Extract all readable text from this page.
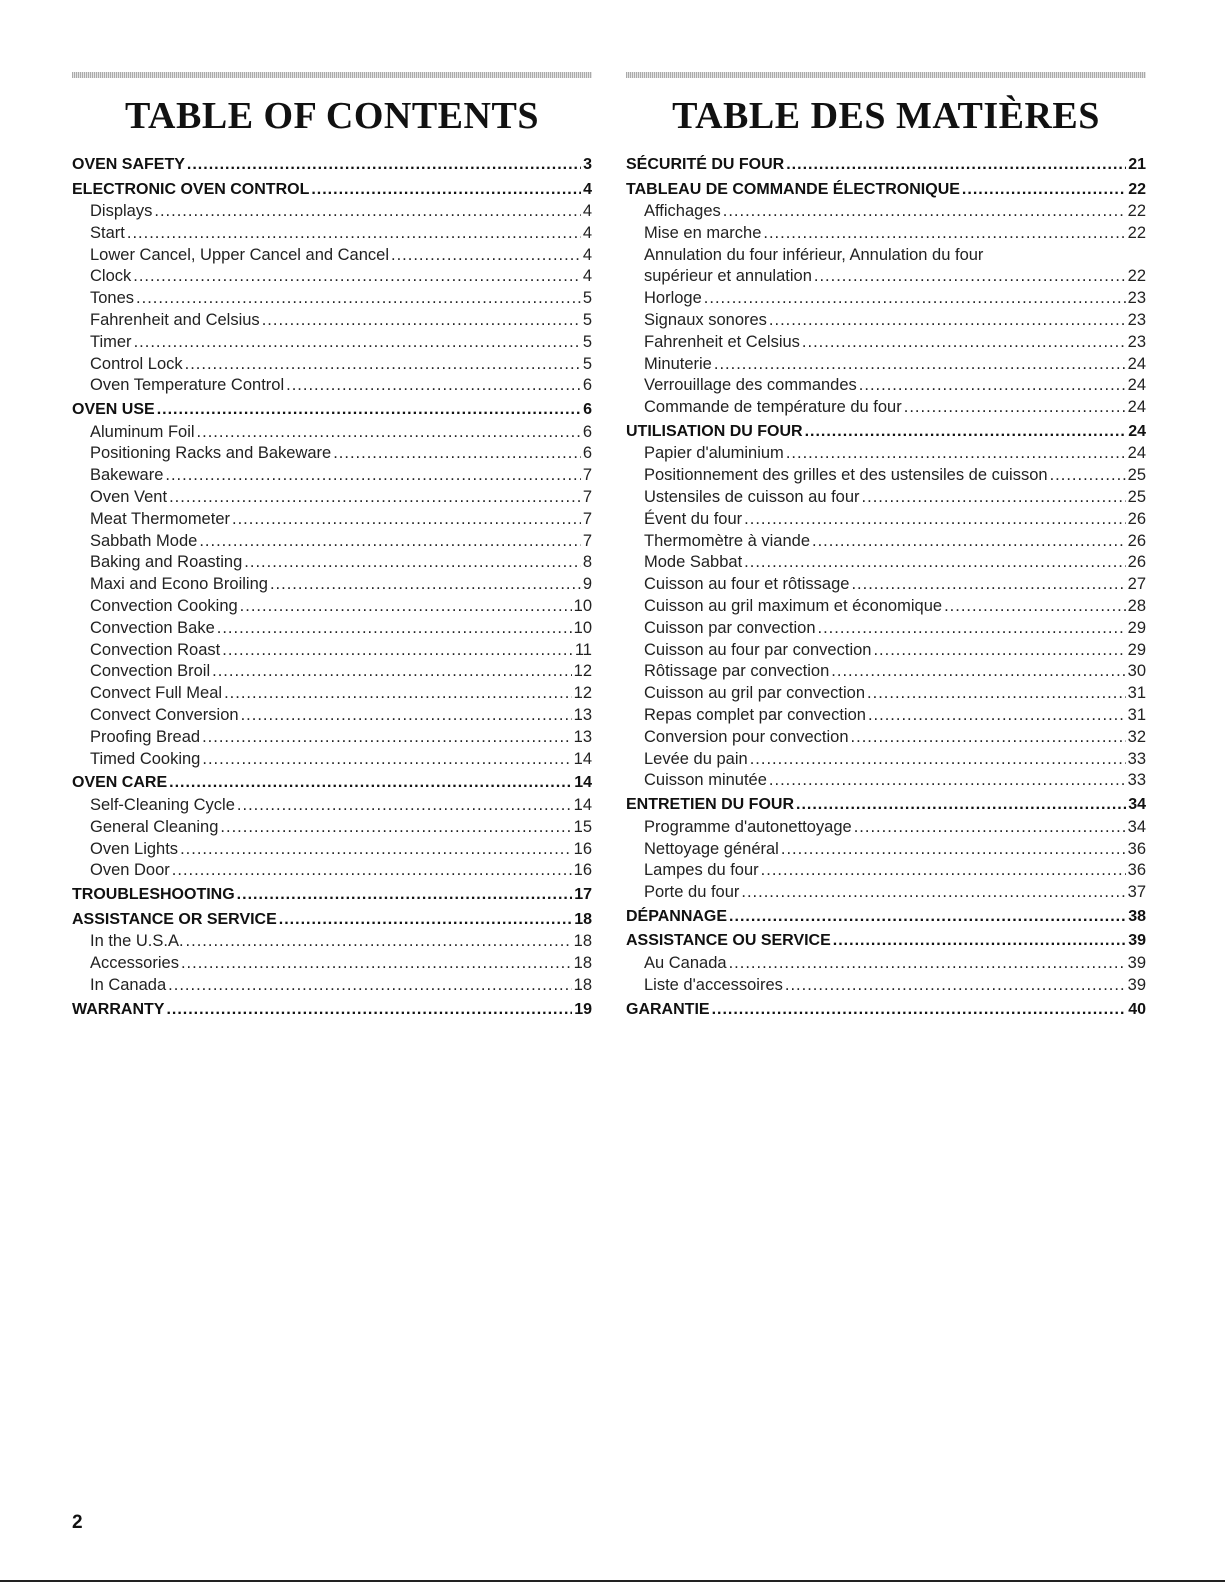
TABLE OF CONTENTS
OVEN SAFETY .....	3
ELECTRONIC OVEN CONTROL .....	4
Displays .....	4
Start .....	4
Lower Cancel, Upper Cancel and Cancel .....	4
Clock .....	4
Tones .....	5
Fahrenheit and Celsius .....	5
Timer .....	5
Control Lock .....	5
Oven Temperature Control .....	6
OVEN USE .....	6
Aluminum Foil .....	6
Positioning Racks and Bakeware .....	6
Bakeware .....	7
Oven Vent .....	7
Meat Thermometer .....	7
Sabbath Mode .....	7
Baking and Roasting .....	8
Maxi and Econo Broiling .....	9
Convection Cooking .....	10
Convection Bake .....	10
Convection Roast .....	11
Convection Broil .....	12
Convect Full Meal .....	12
Convect Conversion .....	13
Proofing Bread .....	13
Timed Cooking .....	14
OVEN CARE .....	14
Self-Cleaning Cycle .....	14
General Cleaning .....	15
Oven Lights .....	16
Oven Door .....	16
TROUBLESHOOTING .....	17
ASSISTANCE OR SERVICE .....	18
In the U.S.A. .....	18
Accessories .....	18
In Canada .....	18
WARRANTY .....	19
TABLE DES MATIÈRES
SÉCURITÉ DU FOUR .....	21
TABLEAU DE COMMANDE ÉLECTRONIQUE .....	22
Affichages .....	22
Mise en marche .....	22
Annulation du four inférieur, Annulation du four
supérieur et annulation .....	22
Horloge .....	23
Signaux sonores .....	23
Fahrenheit et Celsius .....	23
Minuterie .....	24
Verrouillage des commandes .....	24
Commande de température du four .....	24
UTILISATION DU FOUR .....	24
Papier d'aluminium .....	24
Positionnement des grilles et des ustensiles de cuisson .....	25
Ustensiles de cuisson au four .....	25
Évent du four .....	26
Thermomètre à viande .....	26
Mode Sabbat .....	26
Cuisson au four et rôtissage .....	27
Cuisson au gril maximum et économique .....	28
Cuisson par convection .....	29
Cuisson au four par convection .....	29
Rôtissage par convection .....	30
Cuisson au gril par convection .....	31
Repas complet par convection .....	31
Conversion pour convection .....	32
Levée du pain .....	33
Cuisson minutée .....	33
ENTRETIEN DU FOUR .....	34
Programme d'autonettoyage .....	34
Nettoyage général .....	36
Lampes du four .....	36
Porte du four .....	37
DÉPANNAGE .....	38
ASSISTANCE OU SERVICE .....	39
Au Canada .....	39
Liste d'accessoires .....	39
GARANTIE .....	40
2
